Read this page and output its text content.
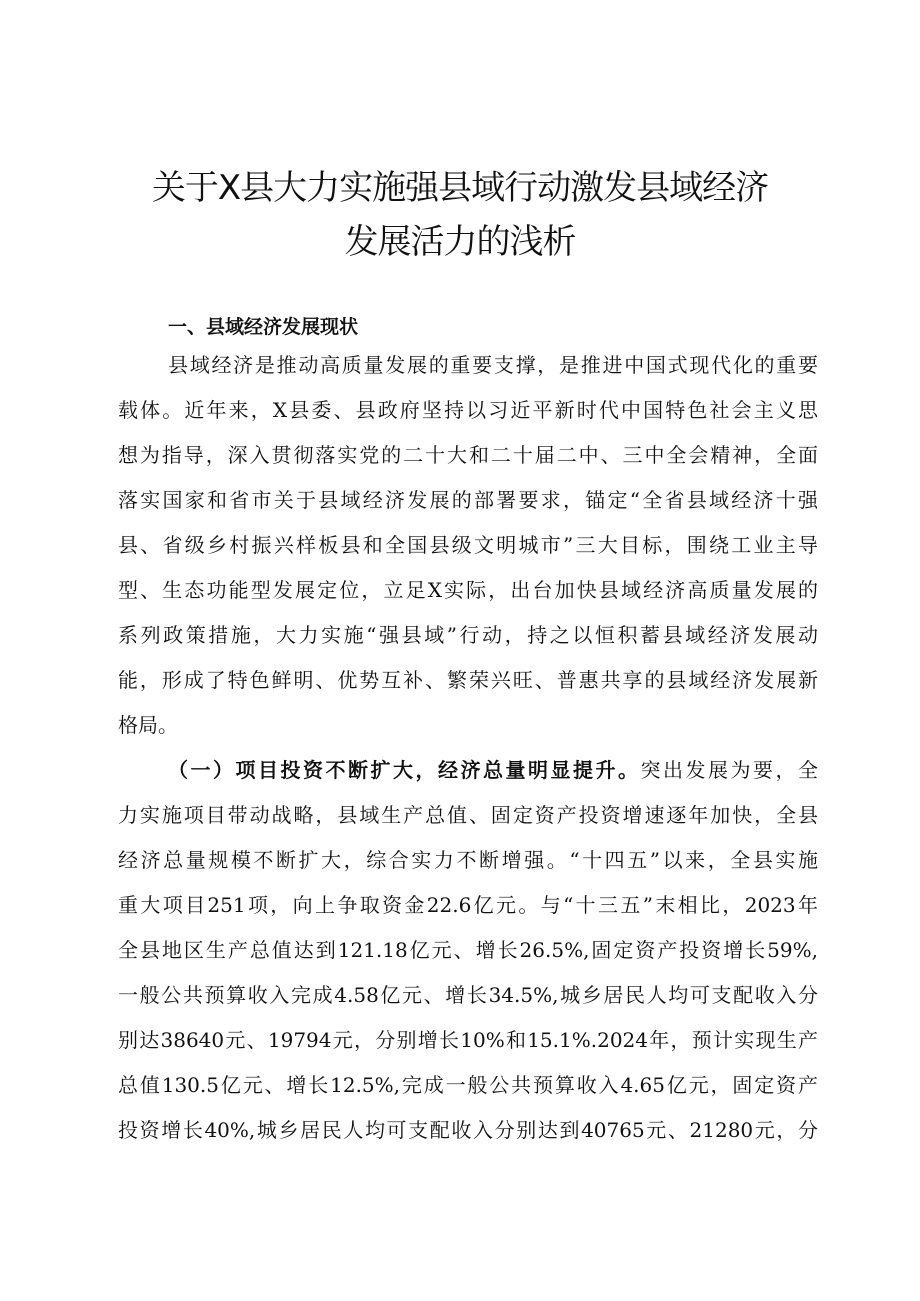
关于X县大力实施强县域行动激发县域经济
发展活力的浅析
一、县域经济发展现状
县域经济是推动高质量发展的重要支撑，是推进中国式现代化的重要
载体。近年来，X县委、县政府坚持以习近平新时代中国特色社会主义思
想为指导，深入贯彻落实党的二十大和二十届二中、三中全会精神，全面
落实国家和省市关于县域经济发展的部署要求，锚定“全省县域经济十强
县、省级乡村振兴样板县和全国县级文明城市”三大目标，围绕工业主导
型、生态功能型发展定位，立足X实际，出台加快县域经济高质量发展的
系列政策措施，大力实施“强县域”行动，持之以恒积蓄县域经济发展动
能，形成了特色鲜明、优势互补、繁荣兴旺、普惠共享的县域经济发展新
格局。
（一）项目投资不断扩大，经济总量明显提升。突出发展为要，全
力实施项目带动战略，县域生产总值、固定资产投资增速逐年加快，全县
经济总量规模不断扩大，综合实力不断增强。“十四五”以来，全县实施
重大项目251项，向上争取资金22.6亿元。与“十三五”末相比，2023年
全县地区生产总值达到121.18亿元、增长26.5%,固定资产投资增长59%,
一般公共预算收入完成4.58亿元、增长34.5%,城乡居民人均可支配收入分
别达38640元、19794元，分别增长10%和15.1%.2024年，预计实现生产
总值130.5亿元、增长12.5%,完成一般公共预算收入4.65亿元，固定资产
投资增长40%,城乡居民人均可支配收入分别达到40765元、21280元，分
